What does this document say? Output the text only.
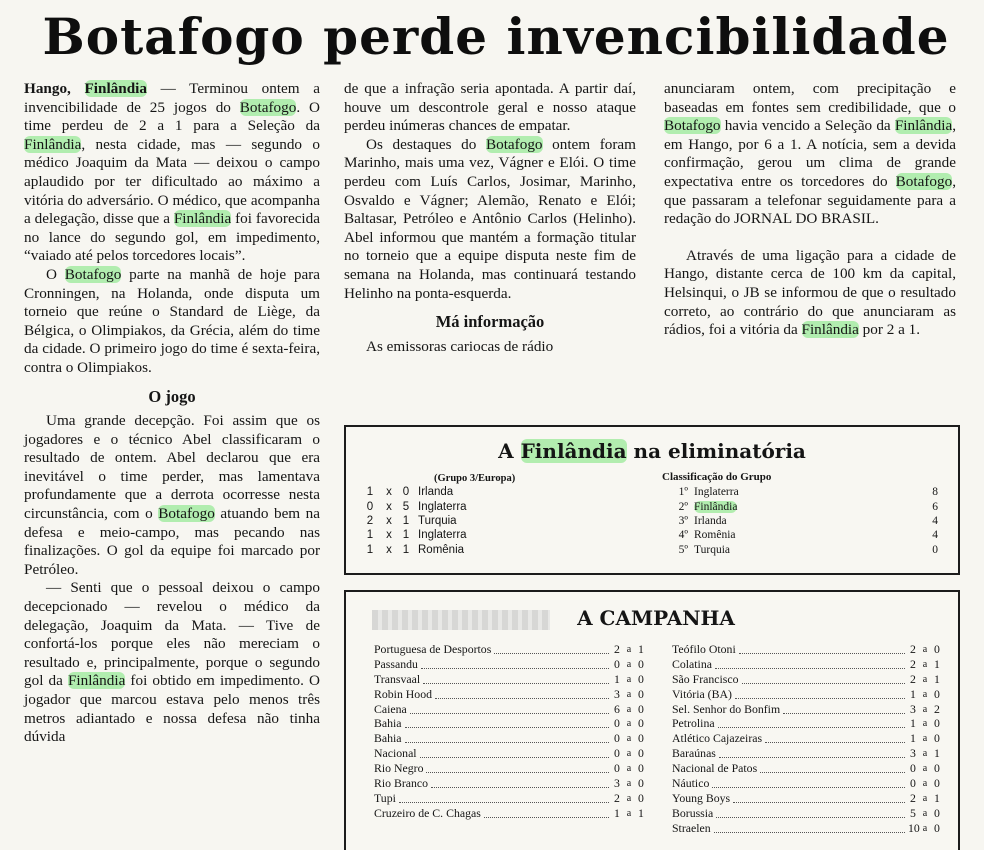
Botafogo perde invencibilidade

Hango, Finlândia — Terminou ontem a invencibilidade de 25 jogos do Botafogo. O time perdeu de 2 a 1 para a Seleção da Finlândia, nesta cidade, mas — segundo o médico Joaquim da Mata — deixou o campo aplaudido por ter dificultado ao máximo a vitória do adversário. O médico, que acompanha a delegação, disse que a Finlândia foi favorecida no lance do segundo gol, em impedimento, “vaiado até pelos torcedores locais”.

O Botafogo parte na manhã de hoje para Cronningen, na Holanda, onde disputa um torneio que reúne o Standard de Liège, da Bélgica, o Olimpiakos, da Grécia, além do time da cidade. O primeiro jogo do time é sexta-feira, contra o Olimpiakos.

O jogo

Uma grande decepção. Foi assim que os jogadores e o técnico Abel classificaram o resultado de ontem. Abel declarou que era inevitável o time perder, mas lamentava profundamente que a derrota ocorresse nesta circunstância, com o Botafogo atuando bem na defesa e meio-campo, mas pecando nas finalizações. O gol da equipe foi marcado por Petróleo.

— Senti que o pessoal deixou o campo decepcionado — revelou o médico da delegação, Joaquim da Mata. — Tive de confortá-los porque eles não mereciam o resultado e, principalmente, porque o segundo gol da Finlândia foi obtido em impedimento. O jogador que marcou estava pelo menos três metros adiantado e nossa defesa não tinha dúvida

de que a infração seria apontada. A partir daí, houve um descontrole geral e nosso ataque perdeu inúmeras chances de empatar.

Os destaques do Botafogo ontem foram Marinho, mais uma vez, Vágner e Elói. O time perdeu com Luís Carlos, Josimar, Marinho, Osvaldo e Vágner; Alemão, Renato e Elói; Baltasar, Petróleo e Antônio Carlos (Helinho). Abel informou que mantém a formação titular no torneio que a equipe disputa neste fim de semana na Holanda, mas continuará testando Helinho na ponta-esquerda.

Má informação

As emissoras cariocas de rádio

anunciaram ontem, com precipitação e baseadas em fontes sem credibilidade, que o Botafogo havia vencido a Seleção da Finlândia, em Hango, por 6 a 1. A notícia, sem a devida confirmação, gerou um clima de grande expectativa entre os torcedores do Botafogo, que passaram a telefonar seguidamente para a redação do JORNAL DO BRASIL.

Através de uma ligação para a cidade de Hango, distante cerca de 100 km da capital, Helsinqui, o JB se informou de que o resultado correto, ao contrário do que anunciaram as rádios, foi a vitória da Finlândia por 2 a 1.

A Finlândia na eliminatória
(Grupo 3/Europa)
1	x 0 Irlanda
0	x 5 Inglaterra
2	x 1 Turquia
1	x 1 Inglaterra
1	x 1 Romênia
Classificação do Grupo
1º Inglaterra	8
2º Finlândia	6
3º Irlanda	4
4º Romênia	4
5º Turquia	0
A CAMPANHA
Portuguesa de Desportos	2 a 1
Passandu	0 a 0
Transvaal	1 a 0
Robin Hood	3 a 0
Caiena	6 a 0
Bahia	0 a 0
Bahia	0 a 0
Nacional	0 a 0
Rio Negro	0 a 0
Rio Branco	3 a 0
Tupi	2 a 0
Cruzeiro de C. Chagas	1 a 1
Teófilo Otoni	2 a 0
Colatina	2 a 1
São Francisco	2 a 1
Vitória (BA)	1 a 0
Sel. Senhor do Bonfim	3 a 2
Petrolina	1 a 0
Atlético Cajazeiras	1 a 0
Baraúnas	3 a 1
Nacional de Patos	0 a 0
Náutico	0 a 0
Young Boys	2 a 1
Borussia	5 a 0
Straelen	10 a 0
